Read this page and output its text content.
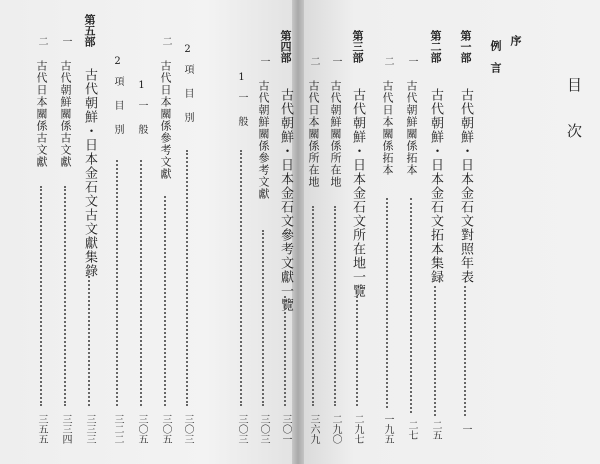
目
次
序
例　言
第一部
古代朝鮮・日本金石文對照年表
一
第二部
古代朝鮮・日本金石文拓本集録
二五
一
古代朝鮮關係拓本
二七
二
古代日本關係拓本
一九五
第三部
古代朝鮮・日本金石文所在地一覽
二九七
一
古代朝鮮關係所在地
二九〇
二
古代日本關係所在地
三六九
第四部
古代朝鮮・日本金石文參考文獻一覽
三〇一
一
古代朝鮮關係參考文獻
三〇三
1
一　般
三〇三
2
項　目　別
三〇三
二
古代日本關係參考文獻
三〇五
1
一　般
三〇五
2
項　目　別
三二二
第五部
古代朝鮮・日本金石文古文獻集錄
三三三
一
古代朝鮮關係古文獻
三三四
二
古代日本關係古文獻
三五五
